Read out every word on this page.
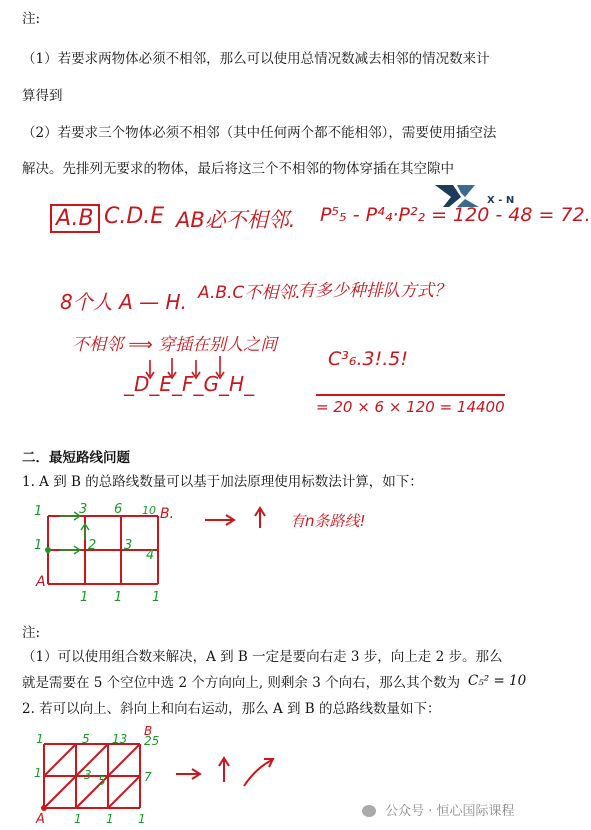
注:
（1）若要求两物体必须不相邻，那么可以使用总情况数减去相邻的情况数来计
算得到
（2）若要求三个物体必须不相邻（其中任何两个都不能相邻），需要使用插空法
解决。先排列无要求的物体，最后将这三个不相邻的物体穿插在其空隙中
X - N
A.B C.D.E AB必不相邻. P⁵₅ - P⁴₄·P²₂ = 120 - 48 = 72.
8个人 A — H. A.B.C不相邻.
有多少种排队方式？
不相邻 ⟹ 穿插在别人之间
_D_E_F_G_H_
C³₆.3!.5!
= 20 × 6 × 120 = 14400
二．最短路线问题
1. A 到 B 的总路线数量可以基于加法原理使用标数法计算，如下：
1	3 6 10 B.
1	2 3
4
A
1 1 1
有n条路线!
注:
（1）可以使用组合数来解决，A 到 B 一定是要向右走 3 步，向上走 2 步。那么
就是需要在 5 个空位中选 2 个方向向上, 则剩余 3 个向右，那么其个数为 C₅² = 10
2. 若可以向上、斜向上和向右运动，那么 A 到 B 的总路线数量如下：
1	5 13 25
B
1	3 5	7
A 1 1 1	公众号 · 恒心国际课程
